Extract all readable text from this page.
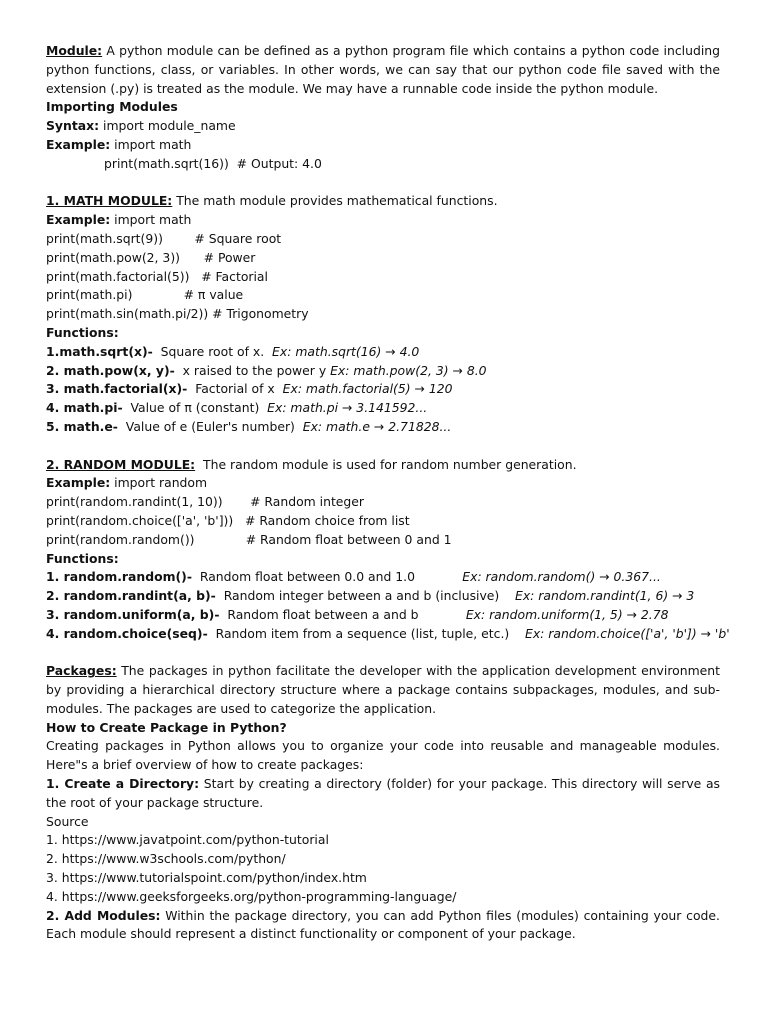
Module: A python module can be defined as a python program file which contains a python code including python functions, class, or variables. In other words, we can say that our python code file saved with the extension (.py) is treated as the module. We may have a runnable code inside the python module.

Importing Modules

Syntax: import module_name

Example: import math

print(math.sqrt(16))  # Output: 4.0

1. MATH MODULE: The math module provides mathematical functions.

Example: import math

print(math.sqrt(9))        # Square root

print(math.pow(2, 3))      # Power

print(math.factorial(5))   # Factorial

print(math.pi)             # π value

print(math.sin(math.pi/2)) # Trigonometry

Functions:

1.math.sqrt(x)-  Square root of x.  Ex: math.sqrt(16) → 4.0

2. math.pow(x, y)-  x raised to the power y Ex: math.pow(2, 3) → 8.0

3. math.factorial(x)-  Factorial of x  Ex: math.factorial(5) → 120

4. math.pi-  Value of π (constant)  Ex: math.pi → 3.141592...

5. math.e-  Value of e (Euler's number)  Ex: math.e → 2.71828...

2. RANDOM MODULE:  The random module is used for random number generation.

Example: import random

print(random.randint(1, 10))       # Random integer

print(random.choice(['a', 'b']))   # Random choice from list

print(random.random())             # Random float between 0 and 1

Functions:

1. random.random()-  Random float between 0.0 and 1.0            Ex: random.random() → 0.367...

2. random.randint(a, b)-  Random integer between a and b (inclusive)    Ex: random.randint(1, 6) → 3

3. random.uniform(a, b)-  Random float between a and b            Ex: random.uniform(1, 5) → 2.78

4. random.choice(seq)-  Random item from a sequence (list, tuple, etc.)    Ex: random.choice(['a', 'b']) → 'b'

Packages: The packages in python facilitate the developer with the application development environment by providing a hierarchical directory structure where a package contains subpackages, modules, and sub-modules. The packages are used to categorize the application.

How to Create Package in Python?

Creating packages in Python allows you to organize your code into reusable and manageable modules. Here"s a brief overview of how to create packages:

1. Create a Directory: Start by creating a directory (folder) for your package. This directory will serve as the root of your package structure.

Source

1. https://www.javatpoint.com/python-tutorial

2. https://www.w3schools.com/python/

3. https://www.tutorialspoint.com/python/index.htm

4. https://www.geeksforgeeks.org/python-programming-language/

2. Add Modules: Within the package directory, you can add Python files (modules) containing your code. Each module should represent a distinct functionality or component of your package.
